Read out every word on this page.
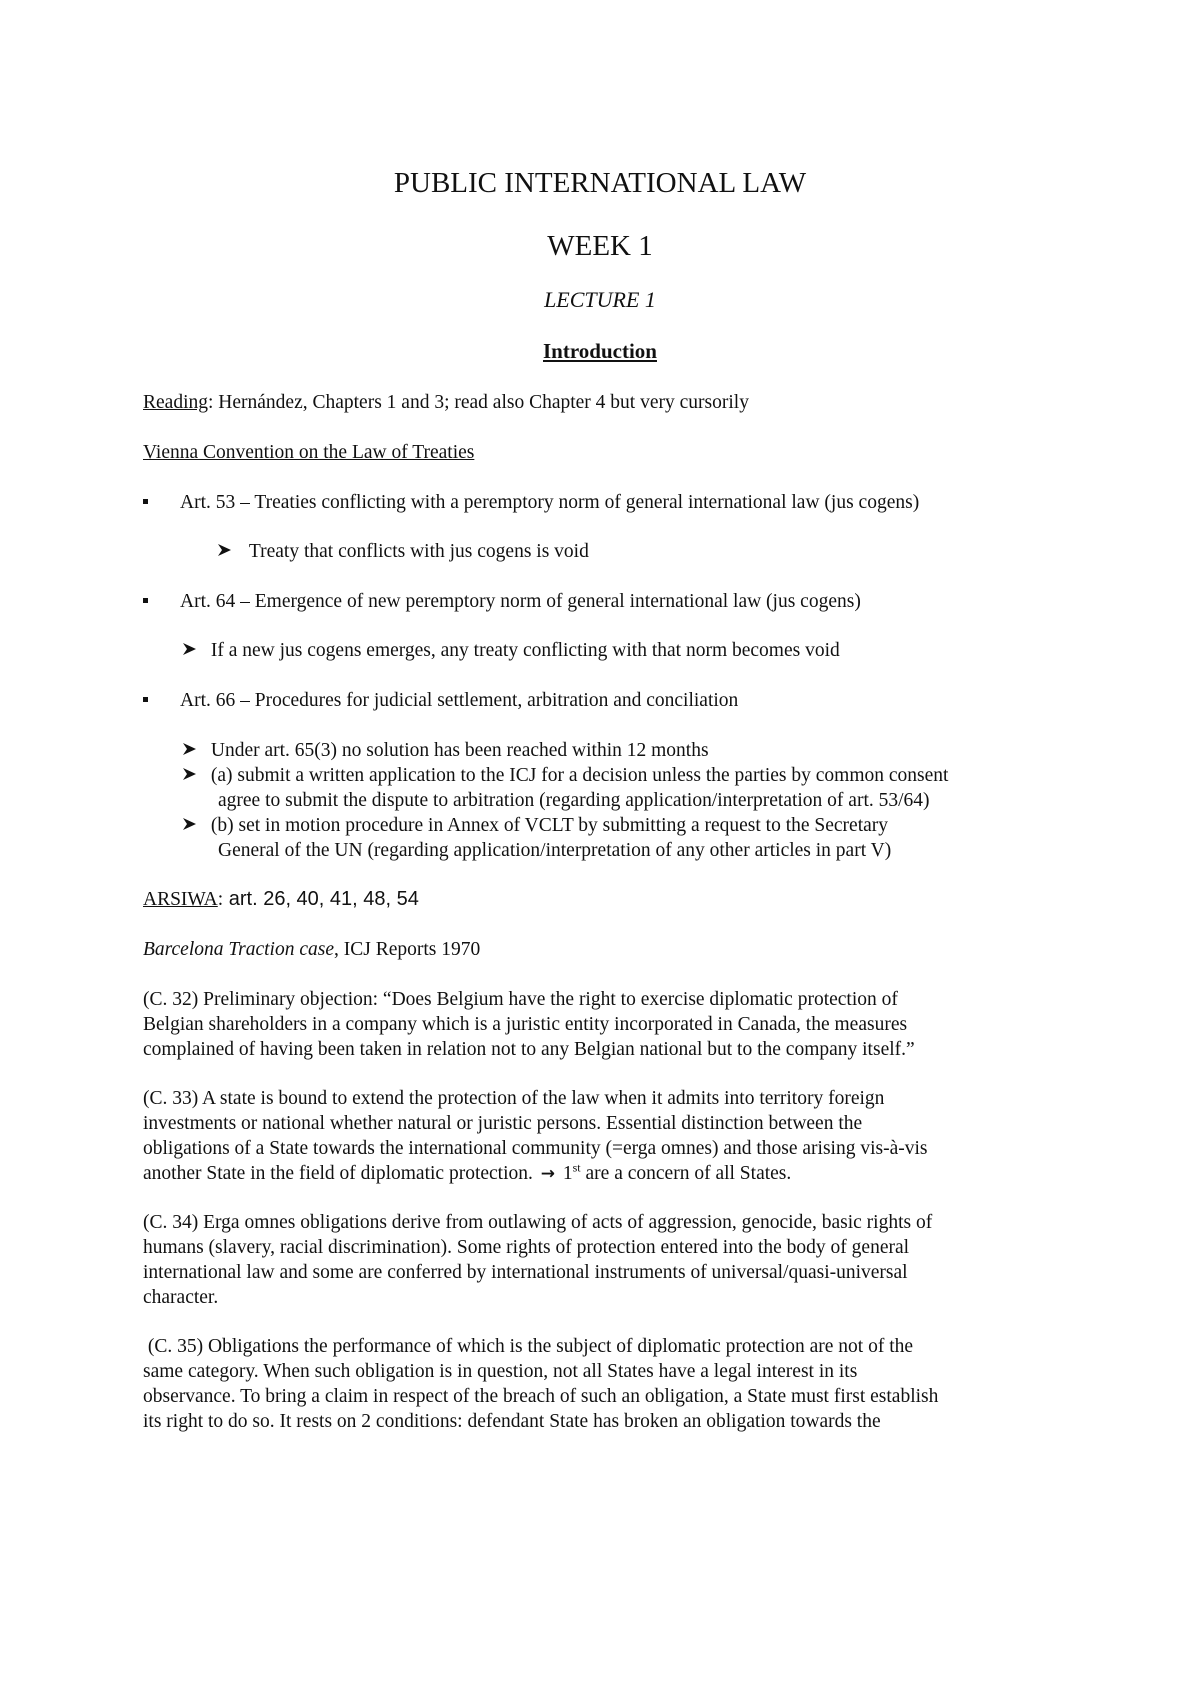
PUBLIC INTERNATIONAL LAW
WEEK 1
LECTURE 1
Introduction
Reading: Hernández, Chapters 1 and 3; read also Chapter 4 but very cursorily
Vienna Convention on the Law of Treaties
Art. 53 – Treaties conflicting with a peremptory norm of general international law (jus cogens)
Treaty that conflicts with jus cogens is void
Art. 64 – Emergence of new peremptory norm of general international law (jus cogens)
If a new jus cogens emerges, any treaty conflicting with that norm becomes void
Art. 66 – Procedures for judicial settlement, arbitration and conciliation
Under art. 65(3) no solution has been reached within 12 months
(a) submit a written application to the ICJ for a decision unless the parties by common consent
agree to submit the dispute to arbitration (regarding application/interpretation of art. 53/64)
(b) set in motion procedure in Annex of VCLT by submitting a request to the Secretary
General of the UN (regarding application/interpretation of any other articles in part V)
ARSIWA: art. 26, 40, 41, 48, 54
Barcelona Traction case, ICJ Reports 1970
(C. 32) Preliminary objection: “Does Belgium have the right to exercise diplomatic protection of
Belgian shareholders in a company which is a juristic entity incorporated in Canada, the measures
complained of having been taken in relation not to any Belgian national but to the company itself.”
(C. 33) A state is bound to extend the protection of the law when it admits into territory foreign
investments or national whether natural or juristic persons. Essential distinction between the
obligations of a State towards the international community (=erga omnes) and those arising vis-à-vis
another State in the field of diplomatic protection. → 1st are a concern of all States.
(C. 34) Erga omnes obligations derive from outlawing of acts of aggression, genocide, basic rights of
humans (slavery, racial discrimination). Some rights of protection entered into the body of general
international law and some are conferred by international instruments of universal/quasi-universal
character.
(C. 35) Obligations the performance of which is the subject of diplomatic protection are not of the
same category. When such obligation is in question, not all States have a legal interest in its
observance. To bring a claim in respect of the breach of such an obligation, a State must first establish
its right to do so. It rests on 2 conditions: defendant State has broken an obligation towards the
